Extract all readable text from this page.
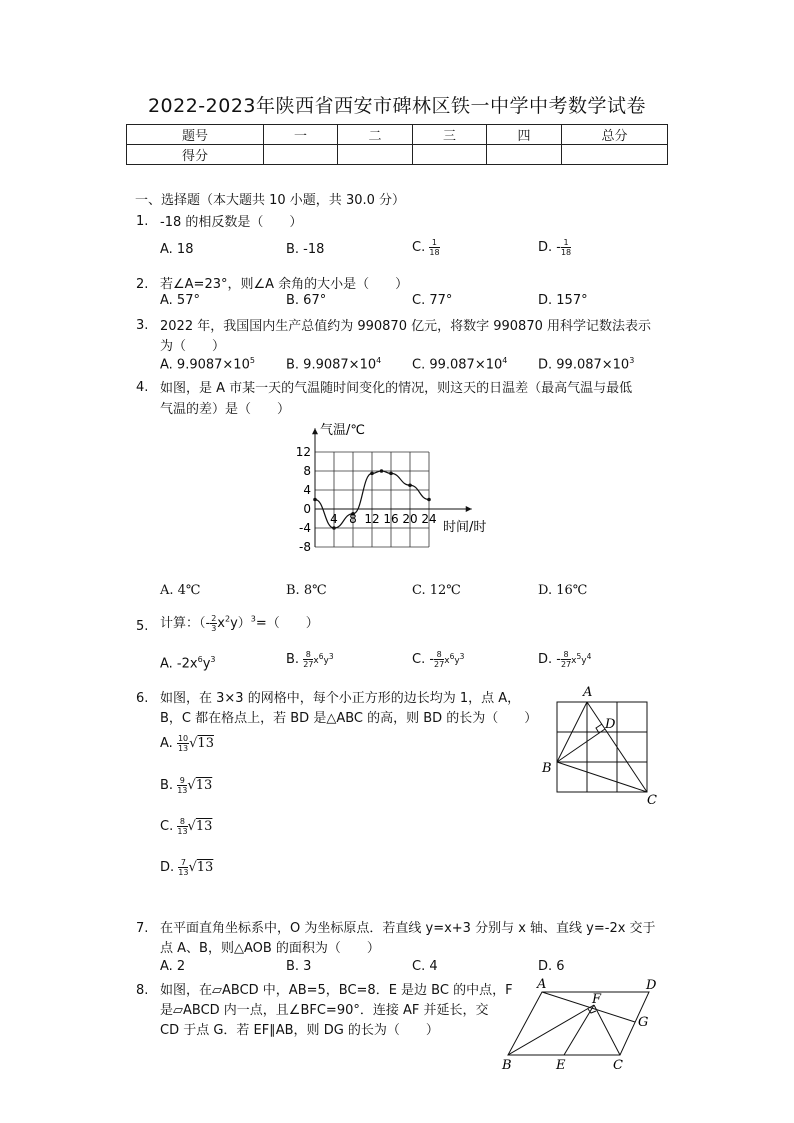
2022-2023年陕西省西安市碑林区铁一中学中考数学试卷
题号	一	二	三	四	总分
得分					
一、选择题（本大题共 10 小题，共 30.0 分）
1. -18 的相反数是（　　）
A. 18	B. -18	C. $\frac{1}{18}$	D. - $\frac{1}{18}$
2. 若∠A=23°，则∠A 余角的大小是（　　）
A. 57°	B. 67°	C. 77°	D. 157°
3. 2022 年，我国国内生产总值约为 990870 亿元，将数字 990870 用科学记数法表示
为（　　）
A. $9.9087\times 10^5$ B. $9.9087\times 10^4$ C. $99.087\times 10^4$ D. $99.087\times 10^3$
4. 如图，是 A 市某一天的气温随时间变化的情况，则这天的日温差（最高气温与最低
气温的差）是（　　）
12
8
4
0
-4
-8
4 8 12 16 20 24
气温/℃
时间/时
A. 4℃	B. 8℃	C. 12℃	D. 16℃
5. 计算：（- $\frac{2}{3} x^2y)^3=$（　　）
A. $-2x^6y^3$	B. $\frac{8}{27} x^6y^3$	C. - $\frac{8}{27} x^6y^3$	D. - $\frac{8}{27} x^5y^4$
6. 如图，在 3×3 的网格中，每个小正方形的边长均为 1，点 A，
B，C 都在格点上，若 BD 是△ABC 的高，则 BD 的长为（　　）
A. $\frac{10}{13} √13$
B. $\frac{9}{13} √13$
C. $\frac{8}{13} √13$
D. $\frac{7}{13} √13$
A
B
C
D
7. 在平面直角坐标系中，O 为坐标原点．若直线 y=x+3 分别与 x 轴、直线 y=-2x 交于
点 A、B，则△AOB 的面积为（　　）
A. 2	B. 3	C. 4	D. 6
8. 如图，在▱ABCD 中，AB=5，BC=8．E 是边 BC 的中点，F
是▱ABCD 内一点，且∠BFC=90°．连接 AF 并延长，交
CD 于点 G．若 EF∥AB，则 DG 的长为（　　）
A	D
F
G
B	E	C
